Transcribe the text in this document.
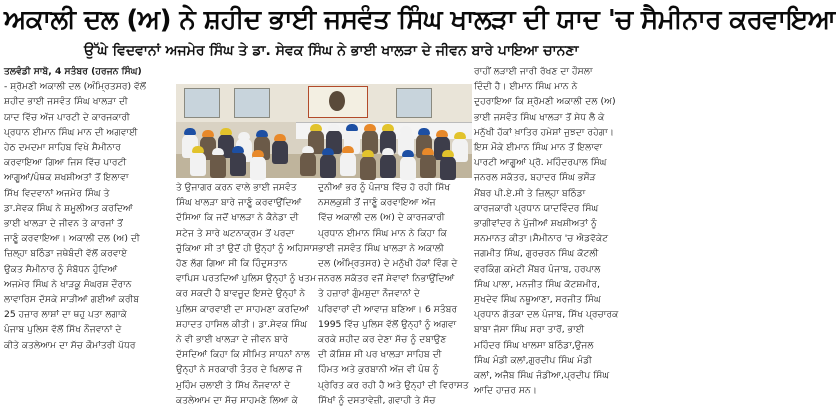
ਅਕਾਲੀ ਦਲ (ਅ) ਨੇ ਸ਼ਹੀਦ ਭਾਈ ਜਸਵੰਤ ਸਿੰਘ ਖਾਲੜਾ ਦੀ ਯਾਦ 'ਚ ਸੈਮੀਨਾਰ ਕਰਵਾਇਆ
ਉੱਘੇ ਵਿਦਵਾਨਾਂ ਅਜਮੇਰ ਸਿੰਘ ਤੇ ਡਾ. ਸੇਵਕ ਸਿੰਘ ਨੇ ਭਾਈ ਖਾਲੜਾ ਦੇ ਜੀਵਨ ਬਾਰੇ ਪਾਇਆ ਚਾਨਣਾ

ਤਲਵੰਡੀ ਸਾਬੋ, 4 ਸਤੰਬਰ (ਹਰਜਨ ਸਿੰਘ)

- ਸ਼੍ਰੋਮਣੀ ਅਕਾਲੀ ਦਲ (ਅੰਮ੍ਰਿਤਸਰ) ਵੱਲੋਂ

ਸ਼ਹੀਦ ਭਾਈ ਜਸਵੰਤ ਸਿੰਘ ਖਾਲੜਾ ਦੀ

ਯਾਦ ਵਿੱਚ ਅੱਜ ਪਾਰਟੀ ਦੇ ਕਾਰਜਕਾਰੀ

ਪ੍ਰਧਾਨ ਈਮਾਨ ਸਿੰਘ ਮਾਨ ਦੀ ਅਗਵਾਈ

ਹੇਠ ਦਮਦਮਾ ਸਾਹਿਬ ਵਿਖੇ ਸੈਮੀਨਾਰ

ਕਰਵਾਇਆ ਗਿਆ ਜਿਸ ਵਿੱਚ ਪਾਰਟੀ

ਆਗੂਆਂ/ਪੰਥਕ ਸ਼ਖਸ਼ੀਅਤਾਂ ਤੋਂ ਇਲਾਵਾ

ਸਿੱਖ ਵਿਦਵਾਨਾਂ ਅਜਮੇਰ ਸਿੰਘ ਤੇ

ਡਾ.ਸੇਵਕ ਸਿੰਘ ਨੇ ਸ਼ਮੂਲੀਅਤ ਕਰਦਿਆਂ

ਭਾਈ ਖਾਲੜਾ ਦੇ ਜੀਵਨ ਤੇ ਕਾਰਜਾਂ ਤੋਂ

ਜਾਣੂੰ ਕਰਵਾਇਆ। ਅਕਾਲੀ ਦਲ (ਅ) ਦੀ

ਜ਼ਿਲ੍ਹਾ ਬਠਿੰਡਾ ਜਥੇਬੰਦੀ ਵੱਲੋਂ ਕਰਵਾਏ

ਉਕਤ ਸੈਮੀਨਾਰ ਨੂੰ ਸੰਬੋਧਨ ਹੁੰਦਿਆਂ

ਅਜਮੇਰ ਸਿੰਘ ਨੇ ਖਾੜਕੂ ਸੰਘਰਸ਼ ਦੌਰਾਨ

ਲਾਵਾਰਿਸ ਦੱਸਕੇ ਸਾੜੀਆਂ ਗਈਆਂ ਕਰੀਬ

25 ਹਜ਼ਾਰ ਲਾਸ਼ਾਂ ਦਾ ਥਹੁ ਪਤਾ ਲਗਾਕੇ

ਪੰਜਾਬ ਪੁਲਿਸ ਵੱਲੋਂ ਸਿੱਖ ਨੌਜਵਾਨਾਂ ਦੇ

ਕੀਤੇ ਕਤਲੇਆਮ ਦਾ ਸੱਚ ਕੌਮਾਂਤਰੀ ਪੱਧਰ

ਤੇ ਉਜਾਗਰ ਕਰਨ ਵਾਲੇ ਭਾਈ ਜਸਵੰਤ

ਸਿੰਘ ਖਾਲੜਾ ਬਾਰੇ ਜਾਣੂੰ ਕਰਵਾਉਂਦਿਆਂ

ਦੱਸਿਆ ਕਿ ਜਦੋਂ ਖਾਲੜਾ ਨੇ ਕੈਨੇਡਾ ਦੀ

ਸਟੇਜ ਤੇ ਸਾਰੇ ਘਟਨਾਕ੍ਰਮ ਤੋਂ ਪਰਦਾ

ਚੁੱਕਿਆ ਸੀ ਤਾਂ ਉਦੋਂ ਹੀ ਉਨ੍ਹਾਂ ਨੂੰ ਅਹਿਸਾਸ

ਹੋਣ ਲੱਗ ਗਿਆ ਸੀ ਕਿ ਹਿੰਦੁਸਤਾਨ

ਵਾਪਿਸ ਪਰਤਦਿਆਂ ਪੁਲਿਸ ਉਨ੍ਹਾਂ ਨੂੰ ਖਤਮ

ਕਰ ਸਕਦੀ ਹੈ ਬਾਵਜੂਦ ਇਸਦੇ ਉਨ੍ਹਾਂ ਨੇ

ਪੁਲਿਸ ਕਾਰਵਾਈ ਦਾ ਸਾਹਮਣਾ ਕਰਦਿਆਂ

ਸ਼ਹਾਦਤ ਹਾਸਿਲ ਕੀਤੀ। ਡਾ.ਸੇਵਕ ਸਿੰਘ

ਨੇ ਵੀ ਭਾਈ ਖਾਲੜਾ ਦੇ ਜੀਵਨ ਬਾਰੇ

ਦੱਸਦਿਆਂ ਕਿਹਾ ਕਿ ਸੀਮਿਤ ਸਾਧਨਾਂ ਨਾਲ

ਉਨ੍ਹਾਂ ਨੇ ਸਰਕਾਰੀ ਤੰਤਰ ਦੇ ਖਿਲਾਫ ਜੋ

ਮੁਹਿੰਮ ਚਲਾਈ ਤੇ ਸਿੱਖ ਨੌਜਵਾਨਾਂ ਦੇ

ਕਤਲੇਆਮ ਦਾ ਸੱਚ ਸਾਹਮਣੇ ਲਿਆ ਕੇ

ਦੁਨੀਆਂ ਭਰ ਨੂੰ ਪੰਜਾਬ ਵਿੱਚ ਹੋ ਰਹੀ ਸਿੱਖ

ਨਸਲਕੁਸ਼ੀ ਤੋਂ ਜਾਣੂੰ ਕਰਵਾਇਆ ਅੱਜ

ਵਿੱਚ ਅਕਾਲੀ ਦਲ (ਅ) ਦੇ ਕਾਰਜਕਾਰੀ

ਪ੍ਰਧਾਨ ਈਮਾਨ ਸਿੰਘ ਮਾਨ ਨੇ ਕਿਹਾ ਕਿ

ਭਾਈ ਜਸਵੰਤ ਸਿੰਘ ਖਾਲੜਾ ਨੇ ਅਕਾਲੀ

ਦਲ (ਅੰਮ੍ਰਿਤਸਰ) ਦੇ ਮਨੁੱਖੀ ਹੱਕਾਂ ਵਿੰਗ ਦੇ

ਜਨਰਲ ਸਕੱਤਰ ਵਜੋਂ ਸੇਵਾਵਾਂ ਨਿਭਾਉਂਦਿਆਂ

ਤੇ ਹਜ਼ਾਰਾਂ ਗੁੰਮਸ਼ੁਦਾ ਨੌਜਵਾਨਾਂ ਦੇ

ਪਰਿਵਾਰਾਂ ਦੀ ਆਵਾਜ਼ ਬਣਿਆ। 6 ਸਤੰਬਰ

1995 ਵਿੱਚ ਪੁਲਿਸ ਵੱਲੋਂ ਉਨ੍ਹਾਂ ਨੂੰ ਅਗਵਾ

ਕਰਕੇ ਸ਼ਹੀਦ ਕਰ ਦੇਣਾ ਸੱਚ ਨੂੰ ਦਬਾਉਣ

ਦੀ ਕੋਸ਼ਿਸ਼ ਸੀ ਪਰ ਖਾਲੜਾ ਸਾਹਿਬ ਦੀ

ਹਿੰਮਤ ਅਤੇ ਕੁਰਬਾਨੀ ਅੱਜ ਵੀ ਪੰਥ ਨੂੰ

ਪ੍ਰੇਰਿਤ ਕਰ ਰਹੀ ਹੈ ਅਤੇ ਉਨ੍ਹਾਂ ਦੀ ਵਿਰਾਸਤ

ਸਿੱਖਾਂ ਨੂੰ ਦਸਤਾਵੇਜ਼ੀ, ਗਵਾਹੀ ਤੇ ਸੱਚ

ਰਾਹੀਂ ਲੜਾਈ ਜਾਰੀ ਰੱਖਣ ਦਾ ਹੌਸਲਾ

ਦਿੰਦੀ ਹੈ। ਈਮਾਨ ਸਿੰਘ ਮਾਨ ਨੇ

ਦੁਹਰਾਇਆ ਕਿ ਸ਼੍ਰੋਮਣੀ ਅਕਾਲੀ ਦਲ (ਅ)

ਭਾਈ ਜਸਵੰਤ ਸਿੰਘ ਖਾਲੜਾ ਤੋਂ ਸੇਧ ਲੈ ਕੇ

ਮਨੁੱਖੀ ਹੱਕਾਂ ਖ਼ਾਤਿਰ ਹਮੇਸ਼ਾਂ ਜੁਝਦਾ ਰਹੇਗਾ।

ਇਸ ਮੌਕੇ ਈਮਾਨ ਸਿੰਘ ਮਾਨ ਤੋਂ ਇਲਾਵਾ

ਪਾਰਟੀ ਆਗੂਆਂ ਪ੍ਰੋ. ਮਹਿੰਦਰਪਾਲ ਸਿੰਘ

ਜਨਰਲ ਸਕੱਤਰ, ਬਹਾਦਰ ਸਿੰਘ ਭਸੌੜ

ਮੈਂਬਰ ਪੀ.ਏ.ਸੀ ਤੇ ਜ਼ਿਲ੍ਹਾ ਬਠਿੰਡਾ

ਕਾਰਜਕਾਰੀ ਪ੍ਰਧਾਨ ਯਾਦਵਿੰਦਰ ਸਿੰਘ

ਭਾਗੀਵਾਂਦਰ ਨੇ ਪੁੱਜੀਆਂ ਸ਼ਖਸ਼ੀਅਤਾਂ ਨੂੰ

ਸਨਮਾਨਤ ਕੀਤਾ।ਸੈਮੀਨਾਰ 'ਚ ਐਡਵੋਕੇਟ

ਜਗਮੀਤ ਸਿੰਘ, ਗੁਰਚਰਨ ਸਿੰਘ ਕੋਟਲੀ

ਵਰਕਿੰਗ ਕਮੇਟੀ ਮੈਂਬਰ ਪੰਜਾਬ, ਹਰਪਾਲ

ਸਿੰਘ ਪਾਲਾ, ਮਨਜੀਤ ਸਿੰਘ ਕੋਟਸ਼ਮੀਰ,

ਸੁਖਦੇਵ ਸਿੰਘ ਨਥੂਆਣਾ, ਸਰਜੀਤ ਸਿੰਘ

ਪ੍ਰਧਾਨ ਗੱਤਕਾ ਦਲ ਪੰਜਾਬ, ਸਿੱਖ ਪ੍ਰਚਾਰਕ

ਬਾਬਾ ਜੱਸਾ ਸਿੰਘ ਸਰਾ ਤਾਰੋਂ, ਭਾਈ

ਮਹਿੰਦਰ ਸਿੰਘ ਖਾਲਸਾ ਬਠਿੰਡਾ,ਉਜਲ

ਸਿੰਘ ਮੰਡੀ ਕਲਾਂ,ਗੁਰਦੀਪ ਸਿੰਘ ਮੰਡੀ

ਕਲਾਂ, ਅਜੈਬ ਸਿੰਘ ਜੰਡੀਆ,ਪ੍ਰਦੀਪ ਸਿੰਘ

ਆਦਿ ਹਾਜ਼ਰ ਸਨ।
